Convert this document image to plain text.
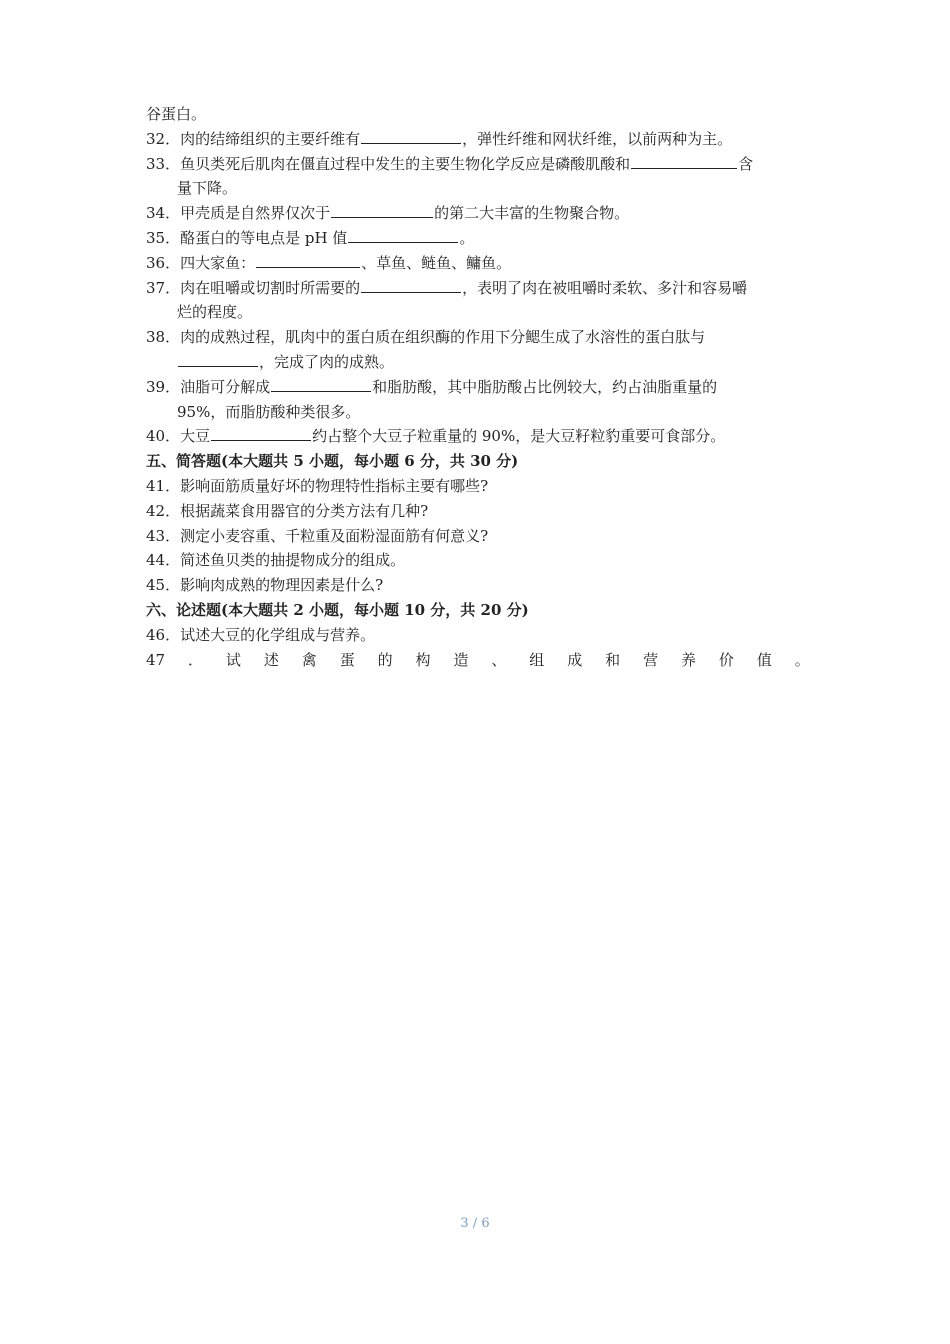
谷蛋白。
32．肉的结缔组织的主要纤维有	，弹性纤维和网状纤维，以前两种为主。
33．鱼贝类死后肌肉在僵直过程中发生的主要生物化学反应是磷酸肌酸和	含
量下降。
34．甲壳质是自然界仅次于	的第二大丰富的生物聚合物。
35．酪蛋白的等电点是 pH 值	。
36．四大家鱼：	、草鱼、鲢鱼、鳙鱼。
37．肉在咀嚼或切割时所需要的	，表明了肉在被咀嚼时柔软、多汁和容易嚼
烂的程度。
38．肉的成熟过程，肌肉中的蛋白质在组织酶的作用下分鳃生成了水溶性的蛋白肽与
，完成了肉的成熟。
39．油脂可分解成	和脂肪酸，其中脂肪酸占比例较大，约占油脂重量的
95%，而脂肪酸种类很多。
40．大豆	约占整个大豆子粒重量的 90%，是大豆籽粒豹重要可食部分。
五、简答题(本大题共 5 小题，每小题 6 分，共 30 分)
41．影响面筋质量好坏的物理特性指标主要有哪些?
42．根据蔬菜食用器官的分类方法有几种?
43．测定小麦容重、千粒重及面粉湿面筋有何意义?
44．简述鱼贝类的抽提物成分的组成。
45．影响肉成熟的物理因素是什么?
六、论述题(本大题共 2 小题，每小题 10 分，共 20 分)
46．试述大豆的化学组成与营养。
47 ． 试 述 禽 蛋 的 构 造 、 组 成 和 营 养 价 值 。
3 / 6
